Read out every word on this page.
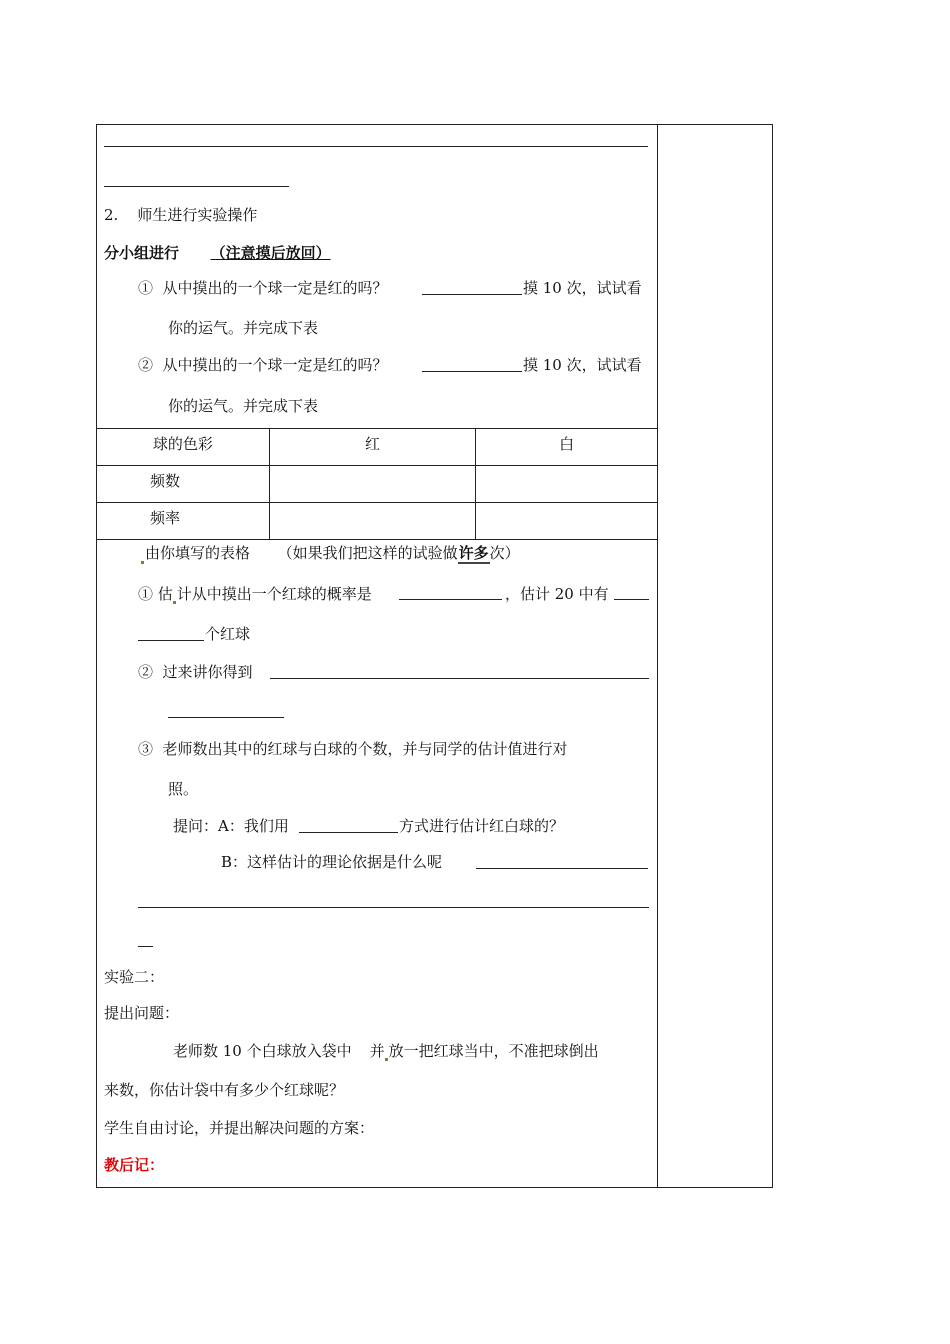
2.    师生进行实验操作
分小组进行 （注意摸后放回）
①  从中摸出的一个球一定是红的吗？	摸 10 次，试试看
你的运气。并完成下表
②  从中摸出的一个球一定是红的吗？	摸 10 次，试试看
你的运气。并完成下表
球的色彩	红	白
频数		
频率		
由你填写的表格 （如果我们把这样的试验做许多次）
① 估 计从中摸出一个红球的概率是	，估计 20 中有
个红球
②  过来讲你得到
③  老师数出其中的红球与白球的个数，并与同学的估计值进行对
照。
提问：A：我们用	方式进行估计红白球的？
B：这样估计的理论依据是什么呢
实验二：
提出问题：
老师数 10 个白球放入袋中 并 放一把红球当中，不准把球倒出
来数，你估计袋中有多少个红球呢？
学生自由讨论，并提出解决问题的方案：
教后记：
